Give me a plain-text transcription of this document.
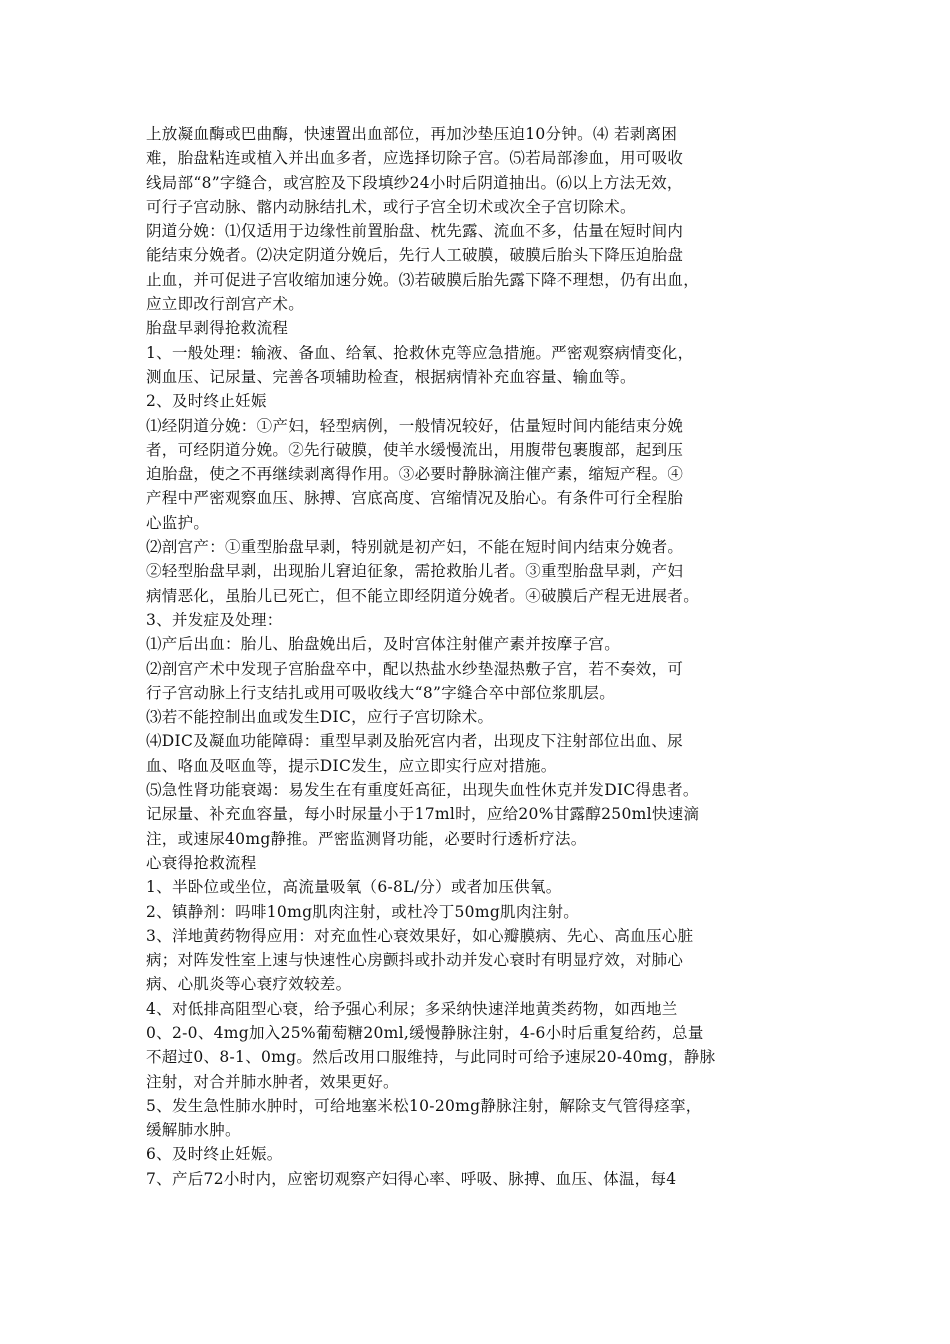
上放凝血酶或巴曲酶，快速置出血部位，再加沙垫压迫10分钟。⑷ 若剥离困
难，胎盘粘连或植入并出血多者，应选择切除子宫。⑸若局部渗血，用可吸收
线局部“8”字缝合，或宫腔及下段填纱24小时后阴道抽出。⑹以上方法无效，
可行子宫动脉、髂内动脉结扎术，或行子宫全切术或次全子宫切除术。
阴道分娩：⑴仅适用于边缘性前置胎盘、枕先露、流血不多，估量在短时间内
能结束分娩者。⑵决定阴道分娩后，先行人工破膜，破膜后胎头下降压迫胎盘
止血，并可促进子宫收缩加速分娩。⑶若破膜后胎先露下降不理想，仍有出血，
应立即改行剖宫产术。
胎盘早剥得抢救流程
1、一般处理：输液、备血、给氧、抢救休克等应急措施。严密观察病情变化，
测血压、记尿量、完善各项辅助检查，根据病情补充血容量、输血等。
2、及时终止妊娠
⑴经阴道分娩：①产妇，轻型病例，一般情况较好，估量短时间内能结束分娩
者，可经阴道分娩。②先行破膜，使羊水缓慢流出，用腹带包裹腹部，起到压
迫胎盘，使之不再继续剥离得作用。③必要时静脉滴注催产素，缩短产程。④
产程中严密观察血压、脉搏、宫底高度、宫缩情况及胎心。有条件可行全程胎
心监护。
⑵剖宫产：①重型胎盘早剥，特别就是初产妇，不能在短时间内结束分娩者。
②轻型胎盘早剥，出现胎儿窘迫征象，需抢救胎儿者。③重型胎盘早剥，产妇
病情恶化，虽胎儿已死亡，但不能立即经阴道分娩者。④破膜后产程无进展者。
3、并发症及处理：
⑴产后出血：胎儿、胎盘娩出后，及时宫体注射催产素并按摩子宫。
⑵剖宫产术中发现子宫胎盘卒中，配以热盐水纱垫湿热敷子宫，若不奏效，可
行子宫动脉上行支结扎或用可吸收线大“8”字缝合卒中部位浆肌层。
⑶若不能控制出血或发生DIC，应行子宫切除术。
⑷DIC及凝血功能障碍：重型早剥及胎死宫内者，出现皮下注射部位出血、尿
血、咯血及呕血等，提示DIC发生，应立即实行应对措施。
⑸急性肾功能衰竭：易发生在有重度妊高征，出现失血性休克并发DIC得患者。
记尿量、补充血容量，每小时尿量小于17ml时，应给20%甘露醇250ml快速滴
注，或速尿40mg静推。严密监测肾功能，必要时行透析疗法。
心衰得抢救流程
1、半卧位或坐位，高流量吸氧（6-8L/分）或者加压供氧。
2、镇静剂：吗啡10mg肌肉注射，或杜冷丁50mg肌肉注射。
3、洋地黄药物得应用：对充血性心衰效果好，如心瓣膜病、先心、高血压心脏
病；对阵发性室上速与快速性心房颤抖或扑动并发心衰时有明显疗效，对肺心
病、心肌炎等心衰疗效较差。
4、对低排高阻型心衰，给予强心利尿；多采纳快速洋地黄类药物，如西地兰
0、2-0、4mg加入25%葡萄糖20ml,缓慢静脉注射，4-6小时后重复给药，总量
不超过0、8-1、0mg。然后改用口服维持，与此同时可给予速尿20-40mg，静脉
注射，对合并肺水肿者，效果更好。
5、发生急性肺水肿时，可给地塞米松10-20mg静脉注射，解除支气管得痉挛，
缓解肺水肿。
6、及时终止妊娠。
7、产后72小时内，应密切观察产妇得心率、呼吸、脉搏、血压、体温，每4
